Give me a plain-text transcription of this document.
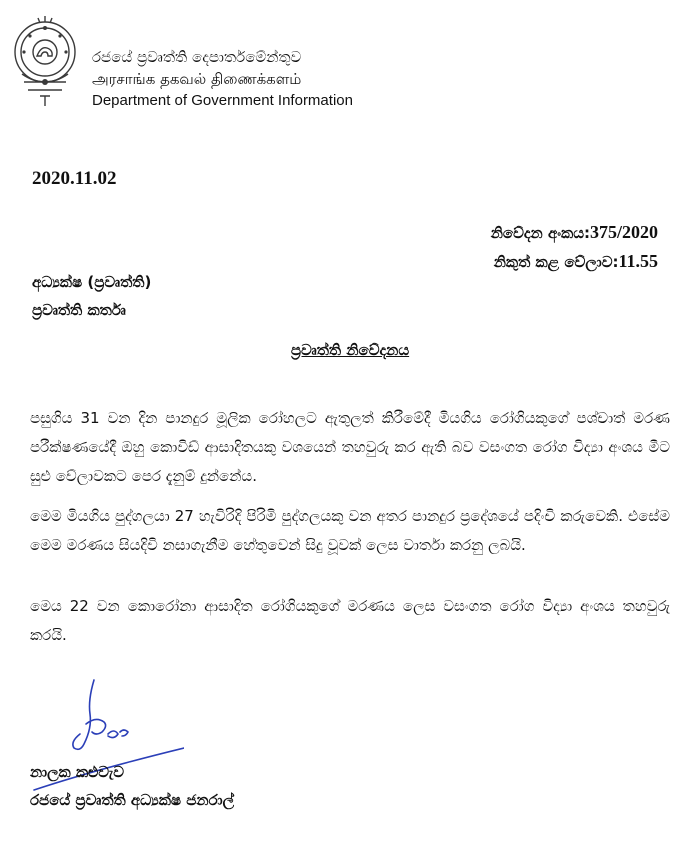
රජයේ ප්‍රවෘත්ති දෙපාර්තමේන්තුව
அரசாங்க தகவல் திணைக்களம்
Department of Government Information
2020.11.02
නිවේදන අංකය:375/2020
නිකුත් කළ වේලාව:11.55
අධ්‍යක්ෂ (ප්‍රවෘත්ති)
ප්‍රවෘත්ති කර්තෘ
ප්‍රවෘත්ති නිවේදනය
පසුගිය 31 වන දින පානදුර මූලික රෝහලට ඇතුලත් කිරීමේදී මියගිය රෝගියකුගේ පශ්චාත් මරණ පරීක්ෂණයේදී ඔහු කොවිඩ් ආසාදිතයකු වශයෙන් තහවුරු කර ඇති බව වසංගත රෝග විද්‍යා අංශය මීට සුළු වේලාවකට පෙර දැනුම් දුන්නේය.
මෙම මියගිය පුද්ගලයා 27 හැවිරිදි පිරිමි පුද්ගලයකු වන අතර පානදුර ප්‍රදේශයේ පදිංචි කරුවෙකි. එසේම මෙම මරණය සියදිවි නසාගැනීම හේතුවෙන් සිදු වූවක් ලෙස වාර්තා කරනු ලබයි.
මෙය 22 වන කොරෝනා ආසාදිත රෝගියකුගේ මරණය ලෙස වසංගත රෝග විද්‍යා අංශය තහවුරු කරයි.
නාලක කළුවැව
රජයේ ප්‍රවෘත්ති අධ්‍යක්ෂ ජනරාල්
